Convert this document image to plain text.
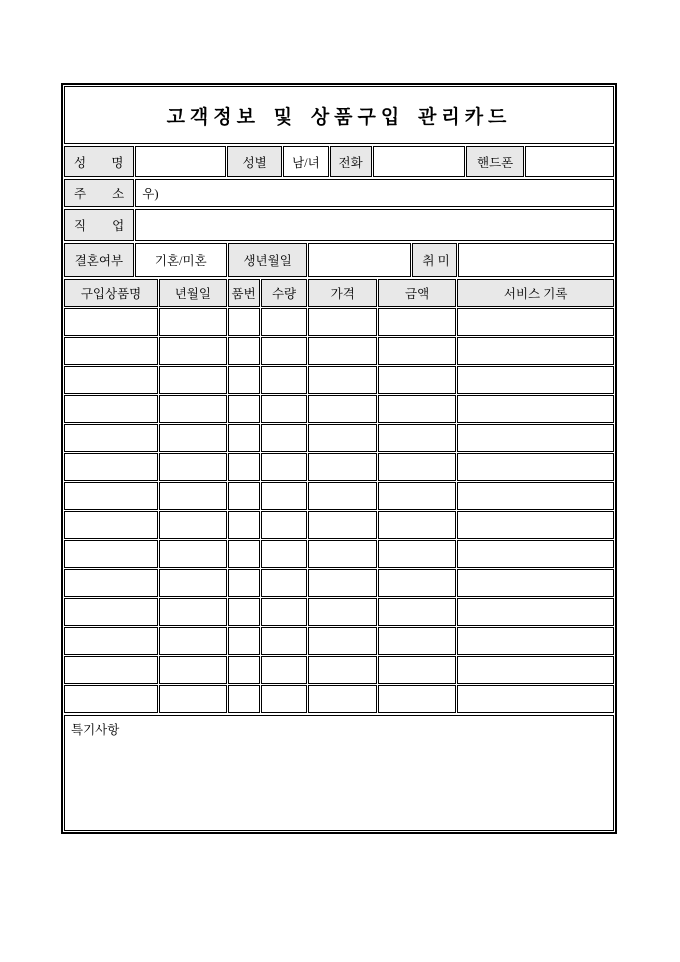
고객정보 및 상품구입 관리카드
성 명		성별	남/녀	전화		핸드폰	
주 소	우)
직 업	
결혼여부	기혼/미혼	생년월일		취 미	
구입상품명	년월일	품번	수량	가격	금액	서비스 기록

특기사항
